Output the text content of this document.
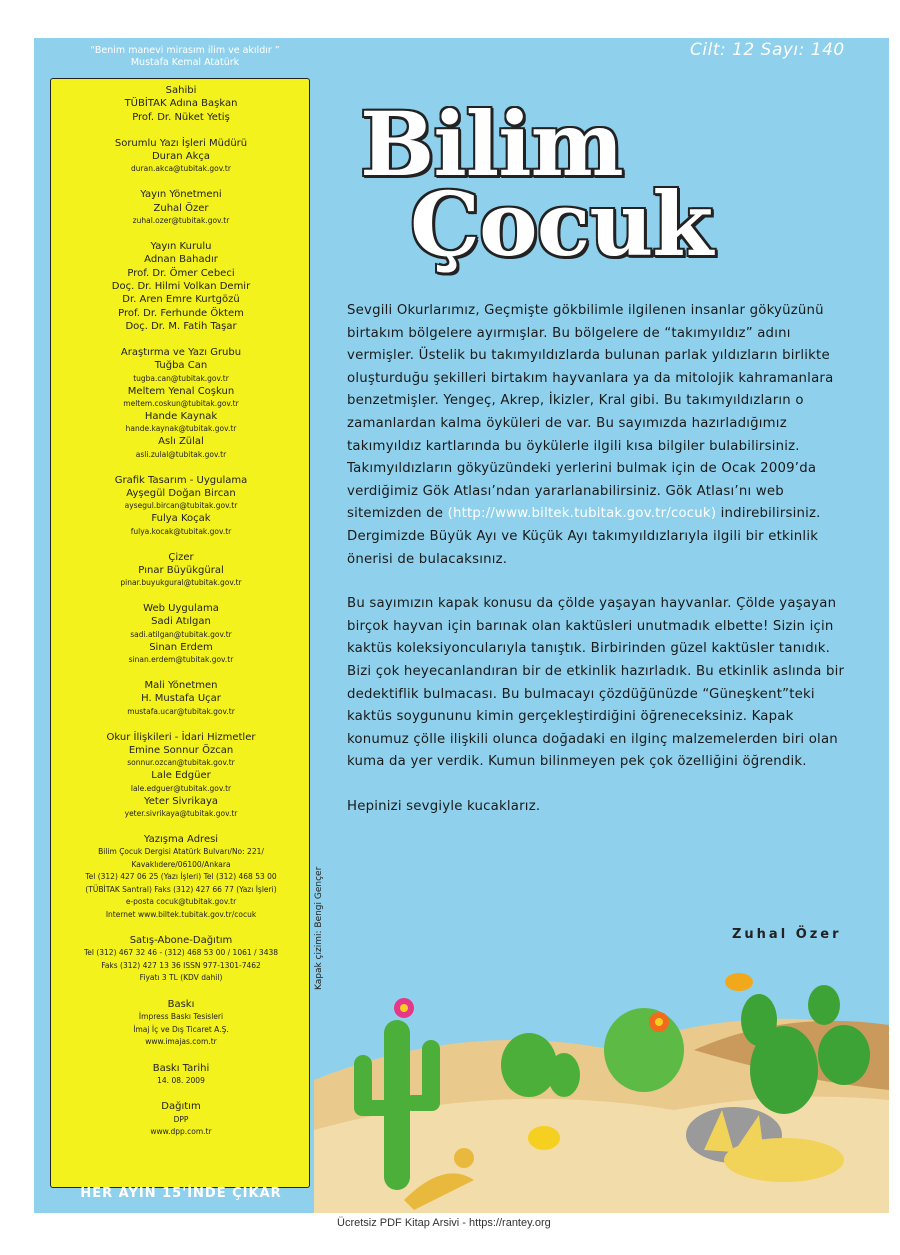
“Benim manevi mirasım ilim ve akıldır ”
Mustafa Kemal Atatürk
Cilt: 12 Sayı: 140
Sahibi
TÜBİTAK Adına Başkan
Prof. Dr. Nüket Yetiş
Sorumlu Yazı İşleri Müdürü
Duran Akça
duran.akca@tubitak.gov.tr
Yayın Yönetmeni
Zuhal Özer
zuhal.ozer@tubitak.gov.tr
Yayın Kurulu
Adnan Bahadır
Prof. Dr. Ömer Cebeci
Doç. Dr. Hilmi Volkan Demir
Dr. Aren Emre Kurtgözü
Prof. Dr. Ferhunde Öktem
Doç. Dr. M. Fatih Taşar
Araştırma ve Yazı Grubu
Tuğba Can
tugba.can@tubitak.gov.tr
Meltem Yenal Coşkun
meltem.coskun@tubitak.gov.tr
Hande Kaynak
hande.kaynak@tubitak.gov.tr
Aslı Zülal
asli.zulal@tubitak.gov.tr
Grafik Tasarım - Uygulama
Ayşegül Doğan Bircan
aysegul.bircan@tubitak.gov.tr
Fulya Koçak
fulya.kocak@tubitak.gov.tr
Çizer
Pınar Büyükgüral
pinar.buyukgural@tubitak.gov.tr
Web Uygulama
Sadi Atılgan
sadi.atilgan@tubitak.gov.tr
Sinan Erdem
sinan.erdem@tubitak.gov.tr
Mali Yönetmen
H. Mustafa Uçar
mustafa.ucar@tubitak.gov.tr
Okur İlişkileri - İdari Hizmetler
Emine Sonnur Özcan
sonnur.ozcan@tubitak.gov.tr
Lale Edgüer
lale.edguer@tubitak.gov.tr
Yeter Sivrikaya
yeter.sivrikaya@tubitak.gov.tr
Yazışma Adresi
Bilim Çocuk Dergisi Atatürk Bulvarı/No: 221/
Kavaklıdere/06100/Ankara
Tel (312) 427 06 25 (Yazı İşleri) Tel (312) 468 53 00
(TÜBİTAK Santral) Faks (312) 427 66 77 (Yazı İşleri)
e-posta cocuk@tubitak.gov.tr
Internet www.biltek.tubitak.gov.tr/cocuk
Satış-Abone-Dağıtım
Tel (312) 467 32 46 - (312) 468 53 00 / 1061 / 3438
Faks (312) 427 13 36 ISSN 977-1301-7462
Fiyatı 3 TL (KDV dahil)
Baskı
İmpress Baskı Tesisleri
İmaj İç ve Dış Ticaret A.Ş.
www.imajas.com.tr
Baskı Tarihi
14. 08. 2009
Dağıtım
DPP
www.dpp.com.tr
HER AYIN 15'İNDE ÇIKAR
Kapak çizimi: Bengi Gençer
Bilim
Çocuk

Sevgili Okurlarımız, Geçmişte gökbilimle ilgilenen insanlar gökyüzünü birtakım bölgelere ayırmışlar. Bu bölgelere de “takımyıldız” adını vermişler. Üstelik bu takımyıldızlarda bulunan parlak yıldızların birlikte oluşturduğu şekilleri birtakım hayvanlara ya da mitolojik kahramanlara benzetmişler. Yengeç, Akrep, İkizler, Kral gibi. Bu takımyıldızların o zamanlardan kalma öyküleri de var. Bu sayımızda hazırladığımız takımyıldız kartlarında bu öykülerle ilgili kısa bilgiler bulabilirsiniz. Takımyıldızların gökyüzündeki yerlerini bulmak için de Ocak 2009’da verdiğimiz Gök Atlası’ndan yararlanabilirsiniz. Gök Atlası’nı web sitemizden de (http://www.biltek.tubitak.gov.tr/cocuk) indirebilirsiniz. Dergimizde Büyük Ayı ve Küçük Ayı takımyıldızlarıyla ilgili bir etkinlik önerisi de bulacaksınız.

Bu sayımızın kapak konusu da çölde yaşayan hayvanlar. Çölde yaşayan birçok hayvan için barınak olan kaktüsleri unutmadık elbette! Sizin için kaktüs koleksiyoncularıyla tanıştık. Birbirinden güzel kaktüsler tanıdık. Bizi çok heyecanlandıran bir de etkinlik hazırladık. Bu etkinlik aslında bir dedektiflik bulmacası. Bu bulmacayı çözdüğünüzde “Güneşkent”teki kaktüs soygununu kimin gerçekleştirdiğini öğreneceksiniz. Kapak konumuz çölle ilişkili olunca doğadaki en ilginç malzemelerden biri olan kuma da yer verdik. Kumun bilinmeyen pek çok özelliğini öğrendik.

Hepinizi sevgiyle kucaklarız.

Zuhal Özer
Ücretsiz PDF Kitap Arsivi - https://rantey.org
